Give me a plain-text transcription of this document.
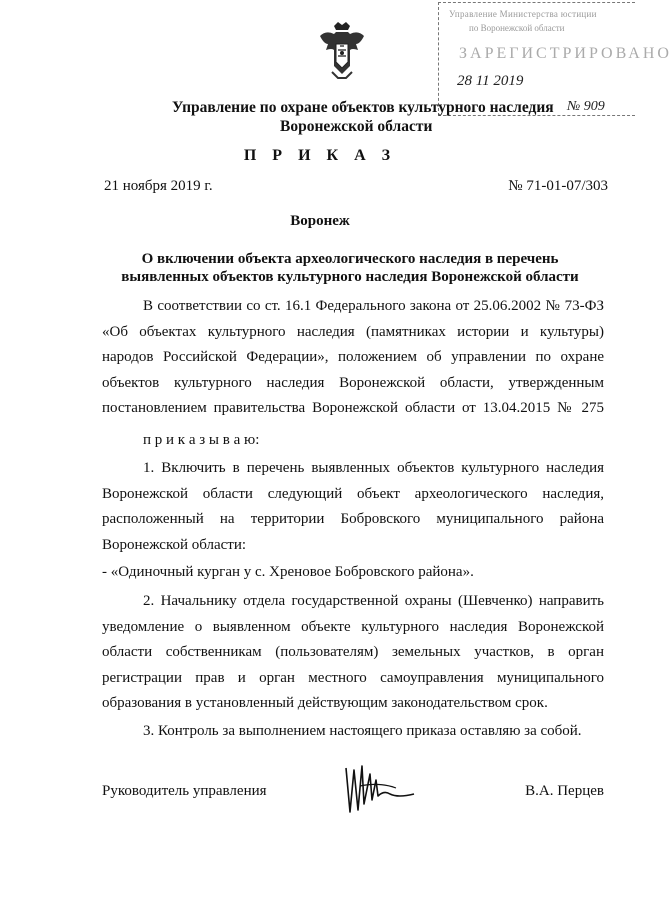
Управление Министерства юстиции
по Воронежской области
ЗАРЕГИСТРИРОВАНО
28 11 2019
№ 909
Управление по охране объектов культурного наследия
Воронежской области
П Р И К А З
21 ноября 2019 г.	№ 71-01-07/303
Воронеж
О включении объекта археологического наследия в перечень
выявленных объектов культурного наследия Воронежской области
В соответствии со ст. 16.1 Федерального закона от 25.06.2002 № 73-ФЗ
«Об объектах культурного наследия (памятниках истории и культуры)
народов Российской Федерации», положением об управлении по охране
объектов культурного наследия Воронежской области, утвержденным
постановлением правительства Воронежской области от 13.04.2015 № 275
п р и к а з ы в а ю:
1. Включить в перечень выявленных объектов культурного наследия
Воронежской области следующий объект археологического наследия,
расположенный на территории Бобровского муниципального района
Воронежской области:
- «Одиночный курган у с. Хреновое Бобровского района».
2. Начальнику отдела государственной охраны (Шевченко) направить
уведомление о выявленном объекте культурного наследия Воронежской
области собственникам (пользователям) земельных участков, в орган
регистрации прав и орган местного самоуправления муниципального
образования в установленный действующим законодательством срок.
3. Контроль за выполнением настоящего приказа оставляю за собой.
Руководитель управления	В.А. Перцев
